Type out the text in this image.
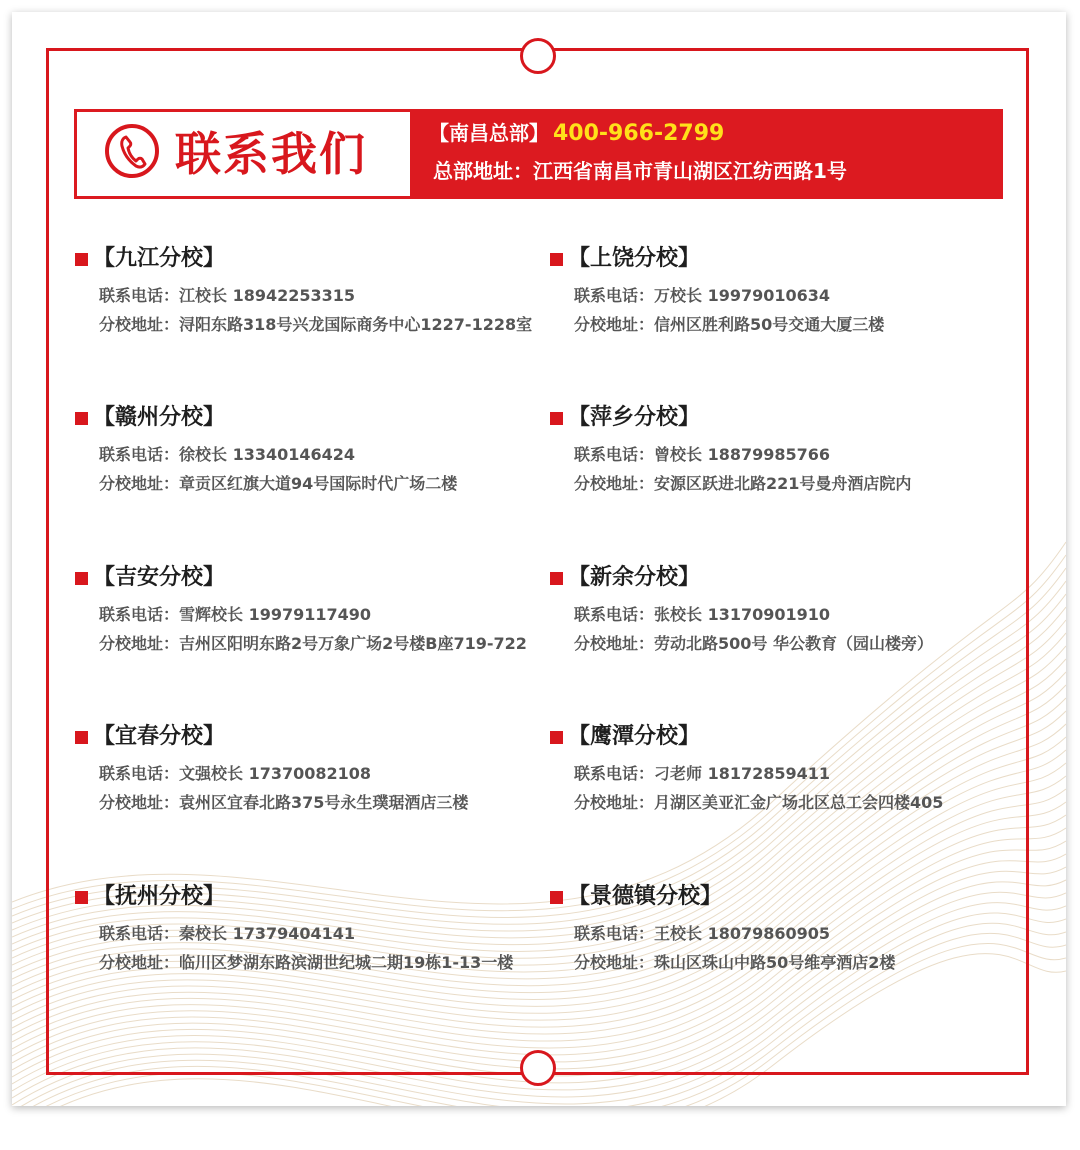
联系我们	【南昌总部】 400-966-2799
总部地址：江西省南昌市青山湖区江纺西路1号
【九江分校】
联系电话：江校长 18942253315
分校地址：浔阳东路318号兴龙国际商务中心1227-1228室
【上饶分校】
联系电话：万校长 19979010634
分校地址：信州区胜利路50号交通大厦三楼
【赣州分校】
联系电话：徐校长 13340146424
分校地址：章贡区红旗大道94号国际时代广场二楼
【萍乡分校】
联系电话：曾校长 18879985766
分校地址：安源区跃进北路221号曼舟酒店院内
【吉安分校】
联系电话：雪辉校长 19979117490
分校地址：吉州区阳明东路2号万象广场2号楼B座719-722
【新余分校】
联系电话：张校长 13170901910
分校地址：劳动北路500号 华公教育（园山楼旁）
【宜春分校】
联系电话：文强校长 17370082108
分校地址：袁州区宜春北路375号永生璞琚酒店三楼
【鹰潭分校】
联系电话：刁老师 18172859411
分校地址：月湖区美亚汇金广场北区总工会四楼405
【抚州分校】
联系电话：秦校长 17379404141
分校地址：临川区梦湖东路滨湖世纪城二期19栋1-13一楼
【景德镇分校】
联系电话：王校长 18079860905
分校地址：珠山区珠山中路50号维亭酒店2楼
